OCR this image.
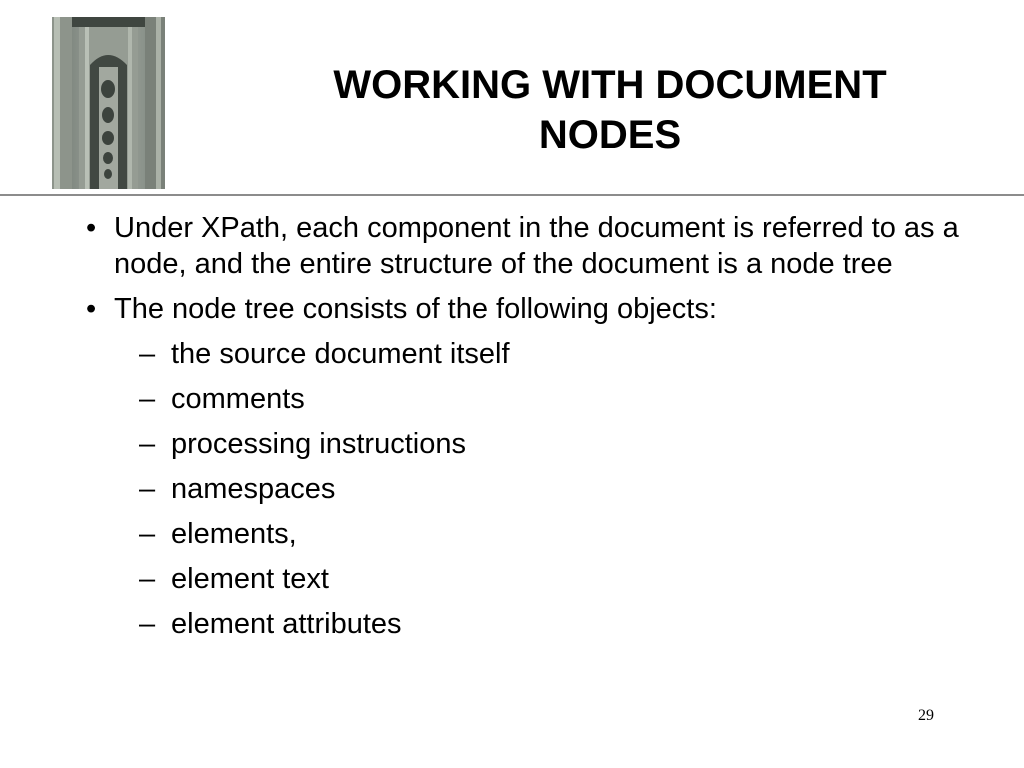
WORKING WITH DOCUMENT
NODES
• Under XPath, each component in the document is referred to as a node, and the entire structure of the document is a node tree
• The node tree consists of the following objects:
– the source document itself
– comments
– processing instructions
– namespaces
– elements,
– element text
– element attributes
29
